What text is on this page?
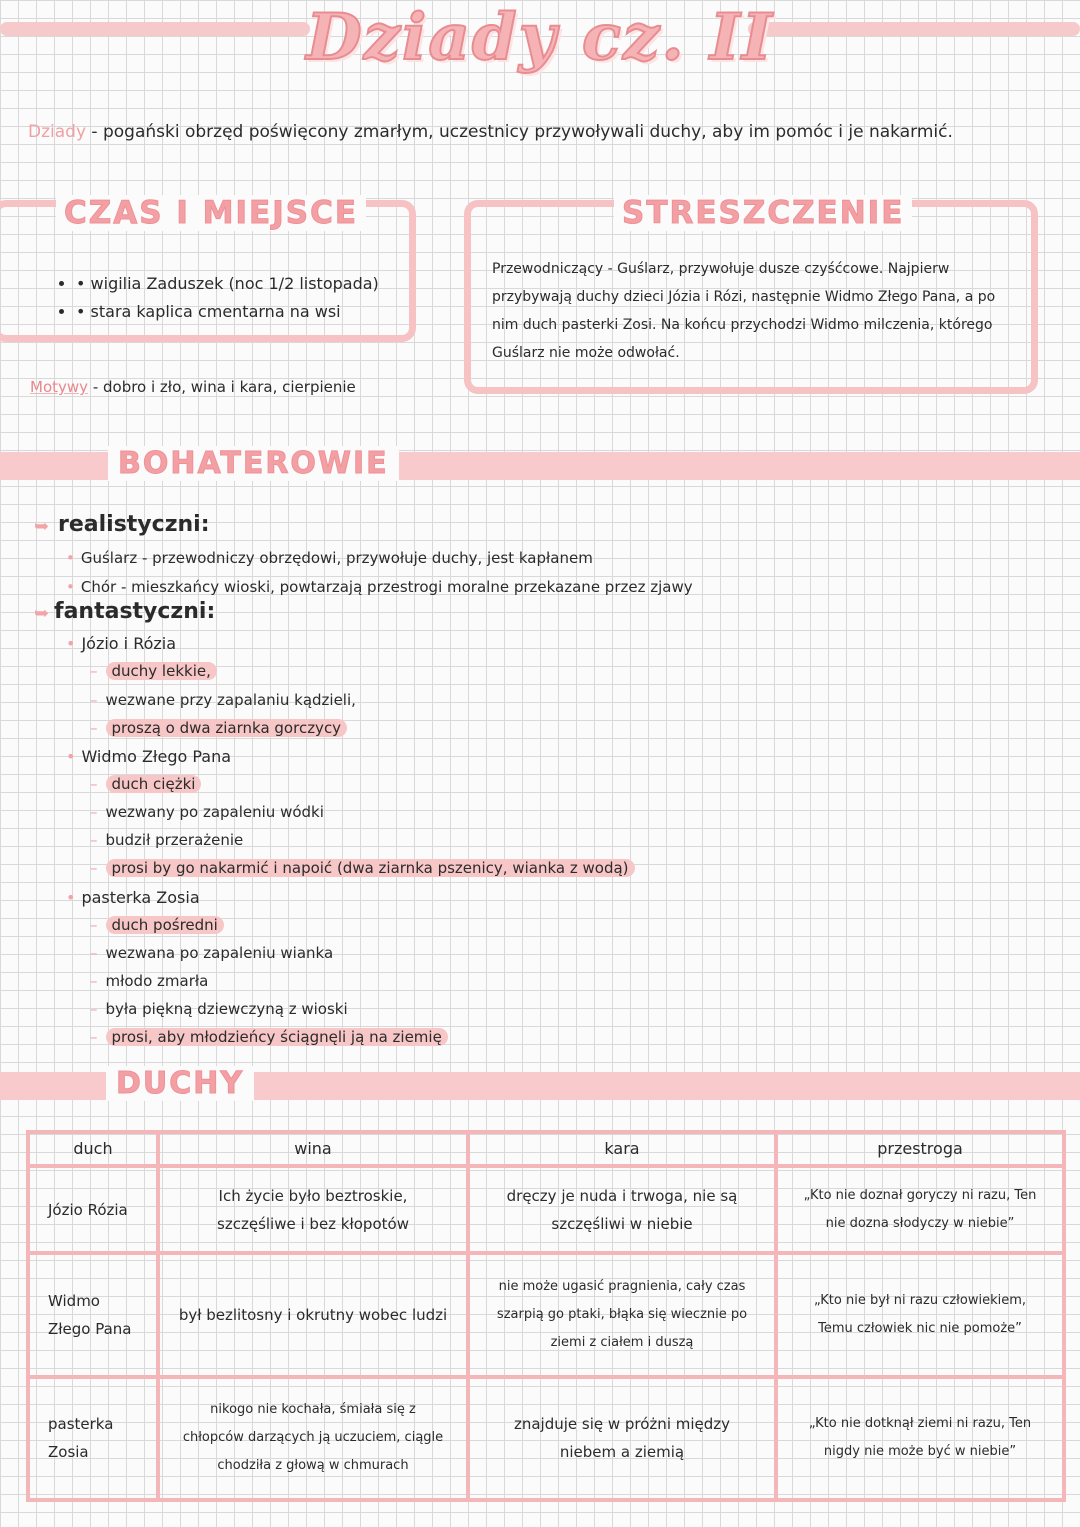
Dziady cz. II
Dziady - pogański obrzęd poświęcony zmarłym, uczestnicy przywoływali duchy, aby im pomóc i je nakarmić.
CZAS I MIEJSCE
• • wigilia Zaduszek (noc 1/2 listopada)
• • stara kaplica cmentarna na wsi
STRESZCZENIE
Przewodniczący - Guślarz, przywołuje dusze czyśćcowe. Najpierw przybywają duchy dzieci Józia i Rózi, następnie Widmo Złego Pana, a po nim duch pasterki Zosi. Na końcu przychodzi Widmo milczenia, którego Guślarz nie może odwołać.
Motywy - dobro i zło, wina i kara, cierpienie
BOHATEROWIE
➥ realistyczni:
• Guślarz - przewodniczy obrzędowi, przywołuje duchy, jest kapłanem
• Chór - mieszkańcy wioski, powtarzają przestrogi moralne przekazane przez zjawy
➥ fantastyczni:
• Józio i Rózia
– duchy lekkie,
– wezwane przy zapalaniu kądzieli,
– proszą o dwa ziarnka gorczycy
• Widmo Złego Pana
– duch ciężki
– wezwany po zapaleniu wódki
– budził przerażenie
– prosi by go nakarmić i napoić (dwa ziarnka pszenicy, wianka z wodą)
• pasterka Zosia
– duch pośredni
– wezwana po zapaleniu wianka
– młodo zmarła
– była piękną dziewczyną z wioski
– prosi, aby młodzieńcy ściągnęli ją na ziemię
DUCHY
duch	wina	kara	przestroga
Józio Rózia	Ich życie było beztroskie, szczęśliwe i bez kłopotów	dręczy je nuda i trwoga, nie są szczęśliwi w niebie	„Kto nie doznał goryczy ni razu, Ten nie dozna słodyczy w niebie”
Widmo Złego Pana	był bezlitosny i okrutny wobec ludzi	nie może ugasić pragnienia, cały czas szarpią go ptaki, błąka się wiecznie po ziemi z ciałem i duszą	„Kto nie był ni razu człowiekiem, Temu człowiek nic nie pomoże”
pasterka Zosia	nikogo nie kochała, śmiała się z chłopców darzących ją uczuciem, ciągle chodziła z głową w chmurach	znajduje się w próżni między niebem a ziemią	„Kto nie dotknął ziemi ni razu, Ten nigdy nie może być w niebie”
